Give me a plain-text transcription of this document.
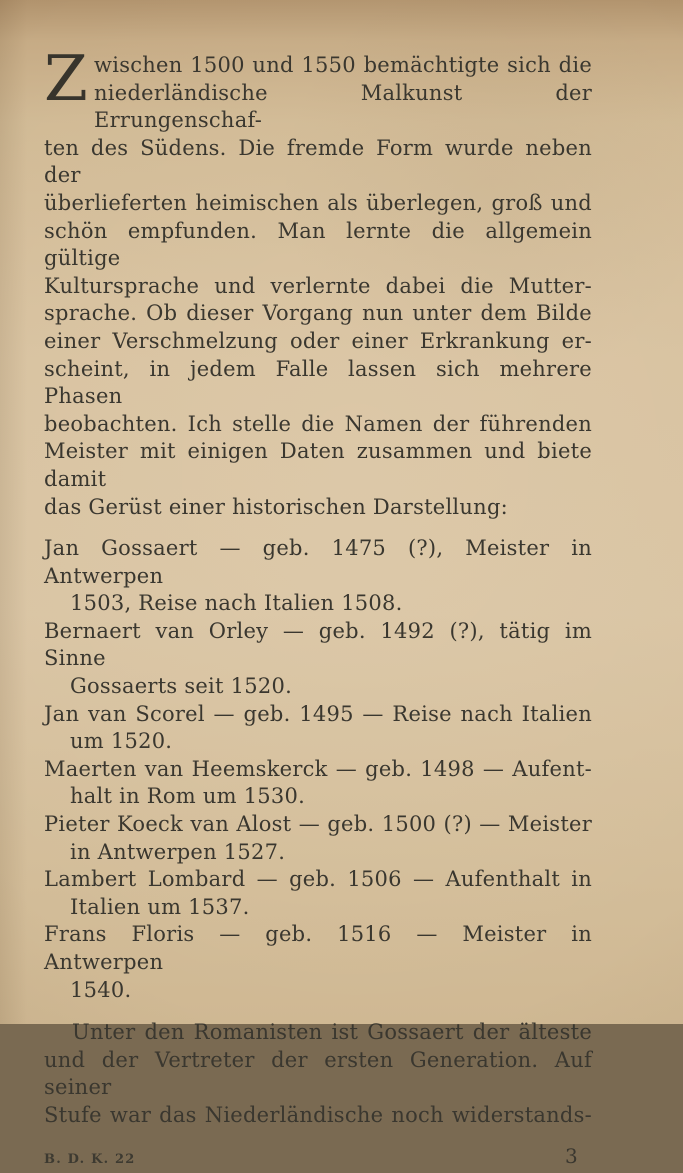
Z wischen 1500 und 1550 bemächtigte sich die
niederländische Malkunst der Errungenschaf-
ten des Südens. Die fremde Form wurde neben der
überlieferten heimischen als überlegen, groß und
schön empfunden. Man lernte die allgemein gültige
Kultursprache und verlernte dabei die Mutter-
sprache. Ob dieser Vorgang nun unter dem Bilde
einer Verschmelzung oder einer Erkrankung er-
scheint, in jedem Falle lassen sich mehrere Phasen
beobachten. Ich stelle die Namen der führenden
Meister mit einigen Daten zusammen und biete damit
das Gerüst einer historischen Darstellung:
Jan Gossaert — geb. 1475 (?), Meister in Antwerpen
1503, Reise nach Italien 1508.
Bernaert van Orley — geb. 1492 (?), tätig im Sinne
Gossaerts seit 1520.
Jan van Scorel — geb. 1495 — Reise nach Italien
um 1520.
Maerten van Heemskerck — geb. 1498 — Aufent-
halt in Rom um 1530.
Pieter Koeck van Alost — geb. 1500 (?) — Meister
in Antwerpen 1527.
Lambert Lombard — geb. 1506 — Aufenthalt in
Italien um 1537.
Frans Floris — geb. 1516 — Meister in Antwerpen
1540.
Unter den Romanisten ist Gossaert der älteste
und der Vertreter der ersten Generation. Auf seiner
Stufe war das Niederländische noch widerstands-
B. D. K. 22	3
